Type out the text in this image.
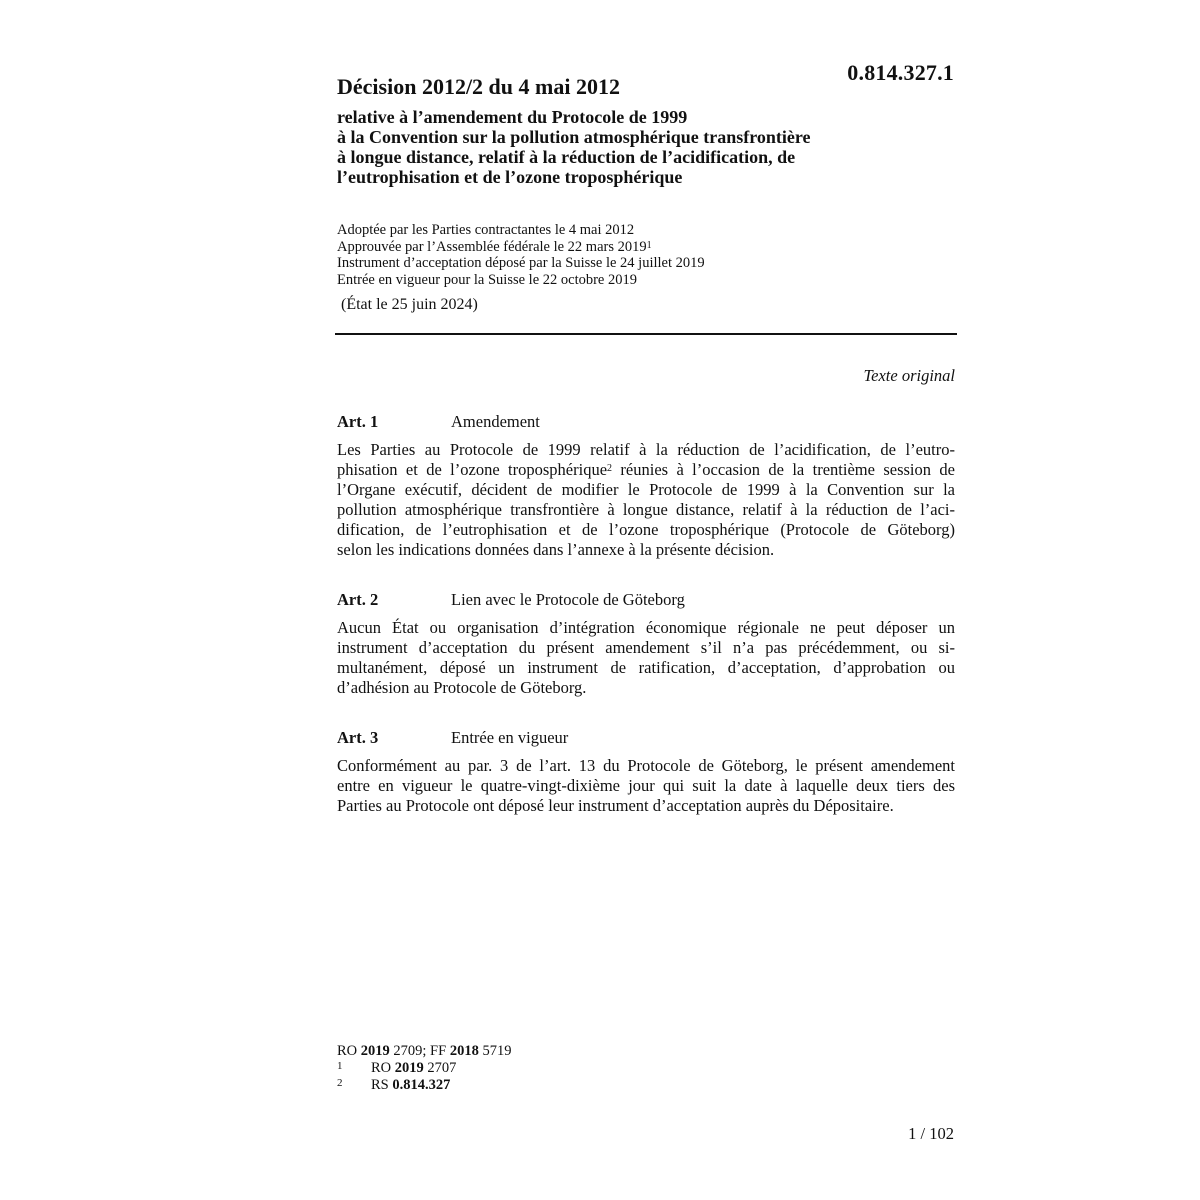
0.814.327.1
Décision 2012/2 du 4 mai 2012
relative à l’amendement du Protocole de 1999
à la Convention sur la pollution atmosphérique transfrontière
à longue distance, relatif à la réduction de l’acidification, de
l’eutrophisation et de l’ozone troposphérique
Adoptée par les Parties contractantes le 4 mai 2012
Approuvée par l’Assemblée fédérale le 22 mars 2019$^1$
Instrument d’acceptation déposé par la Suisse le 24 juillet 2019
Entrée en vigueur pour la Suisse le 22 octobre 2019
(État le 25 juin 2024)
Texte original
Art. 1	Amendement
Les Parties au Protocole de 1999 relatif à la réduction de l’acidification, de l’eutro-
phisation et de l’ozone troposphérique$^2$ réunies à l’occasion de la trentième session de
l’Organe exécutif, décident de modifier le Protocole de 1999 à la Convention sur la
pollution atmosphérique transfrontière à longue distance, relatif à la réduction de l’aci-
dification, de l’eutrophisation et de l’ozone troposphérique (Protocole de Göteborg)
selon les indications données dans l’annexe à la présente décision.
Art. 2	Lien avec le Protocole de Göteborg
Aucun État ou organisation d’intégration économique régionale ne peut déposer un
instrument d’acceptation du présent amendement s’il n’a pas précédemment, ou si-
multanément, déposé un instrument de ratification, d’acceptation, d’approbation ou
d’adhésion au Protocole de Göteborg.
Art. 3	Entrée en vigueur
Conformément au par. 3 de l’art. 13 du Protocole de Göteborg, le présent amendement
entre en vigueur le quatre-vingt-dixième jour qui suit la date à laquelle deux tiers des
Parties au Protocole ont déposé leur instrument d’acceptation auprès du Dépositaire.
RO 2019 2709; FF 2018 5719
1 RO 2019 2707
2 RS 0.814.327
1 / 102
